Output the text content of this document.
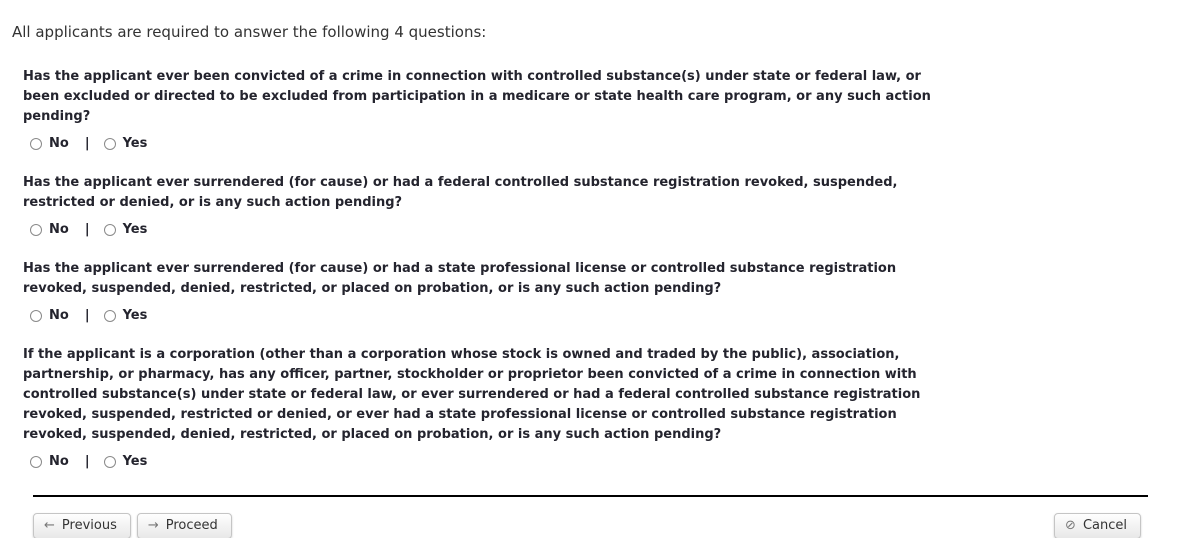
All applicants are required to answer the following 4 questions:

Has the applicant ever been convicted of a crime in connection with controlled substance(s) under state or federal law, or been excluded or directed to be excluded from participation in a medicare or state health care program, or any such action pending?

No |	Yes

Has the applicant ever surrendered (for cause) or had a federal controlled substance registration revoked, suspended, restricted or denied, or is any such action pending?

No |	Yes

Has the applicant ever surrendered (for cause) or had a state professional license or controlled substance registration revoked, suspended, denied, restricted, or placed on probation, or is any such action pending?

No |	Yes

If the applicant is a corporation (other than a corporation whose stock is owned and traded by the public), association, partnership, or pharmacy, has any officer, partner, stockholder or proprietor been convicted of a crime in connection with controlled substance(s) under state or federal law, or ever surrendered or had a federal controlled substance registration revoked, suspended, restricted or denied, or ever had a state professional license or controlled substance registration revoked, suspended, denied, restricted, or placed on probation, or is any such action pending?

No |	Yes
← Previous → Proceed	⊘ Cancel
